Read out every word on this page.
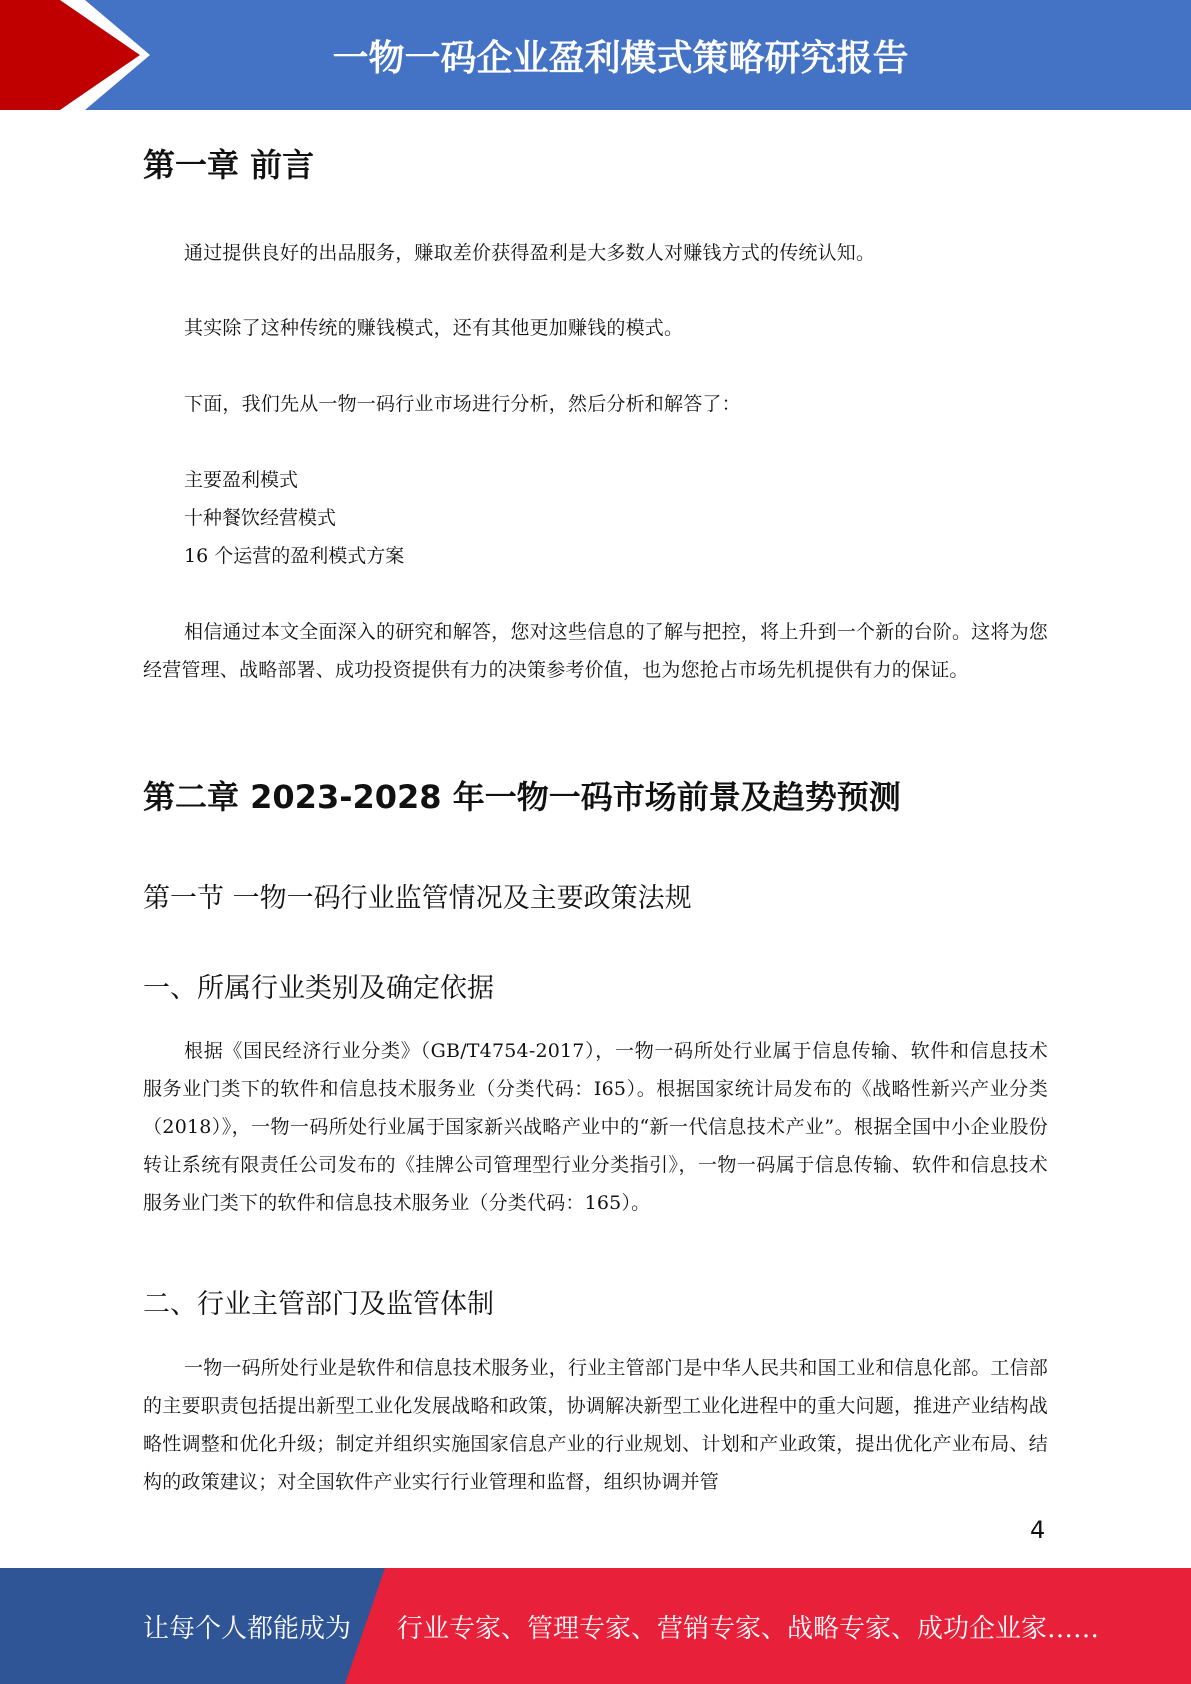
一物一码企业盈利模式策略研究报告
第一章 前言
通过提供良好的出品服务，赚取差价获得盈利是大多数人对赚钱方式的传统认知。
其实除了这种传统的赚钱模式，还有其他更加赚钱的模式。
下面，我们先从一物一码行业市场进行分析，然后分析和解答了：
主要盈利模式
十种餐饮经营模式
16 个运营的盈利模式方案
相信通过本文全面深入的研究和解答，您对这些信息的了解与把控，将上升到一个新的台阶。这将为您经营管理、战略部署、成功投资提供有力的决策参考价值，也为您抢占市场先机提供有力的保证。
第二章 2023-2028 年一物一码市场前景及趋势预测
第一节 一物一码行业监管情况及主要政策法规
一、所属行业类别及确定依据
根据《国民经济行业分类》（GB/T4754-2017），一物一码所处行业属于信息传输、软件和信息技术服务业门类下的软件和信息技术服务业（分类代码：I65）。根据国家统计局发布的《战略性新兴产业分类（2018）》，一物一码所处行业属于国家新兴战略产业中的“新一代信息技术产业”。根据全国中小企业股份转让系统有限责任公司发布的《挂牌公司管理型行业分类指引》，一物一码属于信息传输、软件和信息技术服务业门类下的软件和信息技术服务业（分类代码：165）。
二、行业主管部门及监管体制
一物一码所处行业是软件和信息技术服务业，行业主管部门是中华人民共和国工业和信息化部。工信部的主要职责包括提出新型工业化发展战略和政策，协调解决新型工业化进程中的重大问题，推进产业结构战略性调整和优化升级；制定并组织实施国家信息产业的行业规划、计划和产业政策，提出优化产业布局、结构的政策建议；对全国软件产业实行行业管理和监督，组织协调并管
4
让每个人都能成为 行业专家、管理专家、营销专家、战略专家、成功企业家……
